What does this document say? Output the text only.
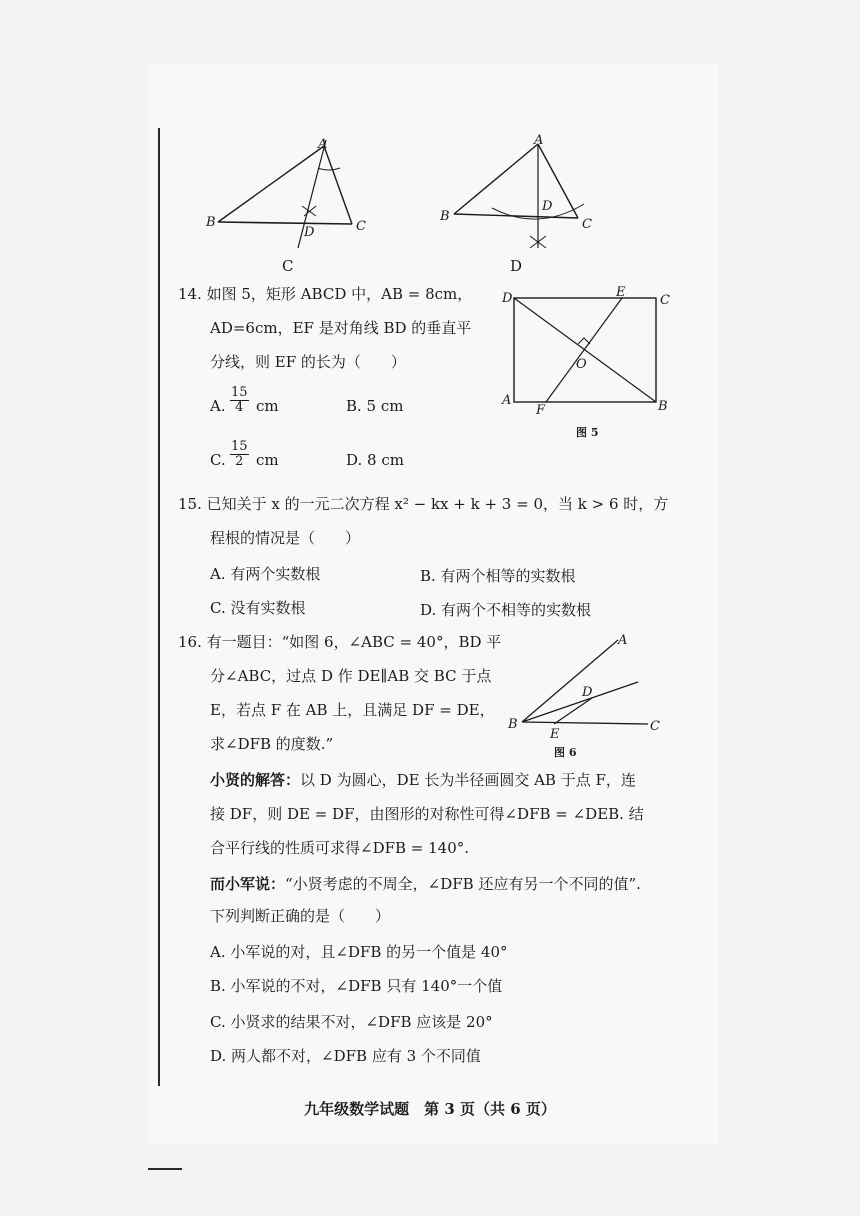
A
B	C
D
C
A
B
C
D
D
14. 如图 5，矩形 ABCD 中，AB = 8cm，
AD=6cm，EF 是对角线 BD 的垂直平
分线，则 EF 的长为（　　）
A. $\frac{15}{4}$ cm	B. 5 cm
C. $\frac{15}{2}$ cm	D. 8 cm
D	E
C
O
A
F	B
图 5
15. 已知关于 x 的一元二次方程 x² − kx + k + 3 = 0，当 k > 6 时，方
程根的情况是（　　）
A. 有两个实数根	B. 有两个相等的实数根
C. 没有实数根	D. 有两个不相等的实数根
16. 有一题目：“如图 6，∠ABC = 40°，BD 平
分∠ABC，过点 D 作 DE∥AB 交 BC 于点
E，若点 F 在 AB 上，且满足 DF = DE，
求∠DFB 的度数.”
A
D
B
E
C
图 6
小贤的解答：以 D 为圆心，DE 长为半径画圆交 AB 于点 F，连
接 DF，则 DE = DF，由图形的对称性可得∠DFB = ∠DEB. 结
合平行线的性质可求得∠DFB = 140°.
而小军说：“小贤考虑的不周全，∠DFB 还应有另一个不同的值”.
下列判断正确的是（　　）
A. 小军说的对，且∠DFB 的另一个值是 40°
B. 小军说的不对，∠DFB 只有 140°一个值
C. 小贤求的结果不对，∠DFB 应该是 20°
D. 两人都不对，∠DFB 应有 3 个不同值
九年级数学试题　第 3 页（共 6 页）
